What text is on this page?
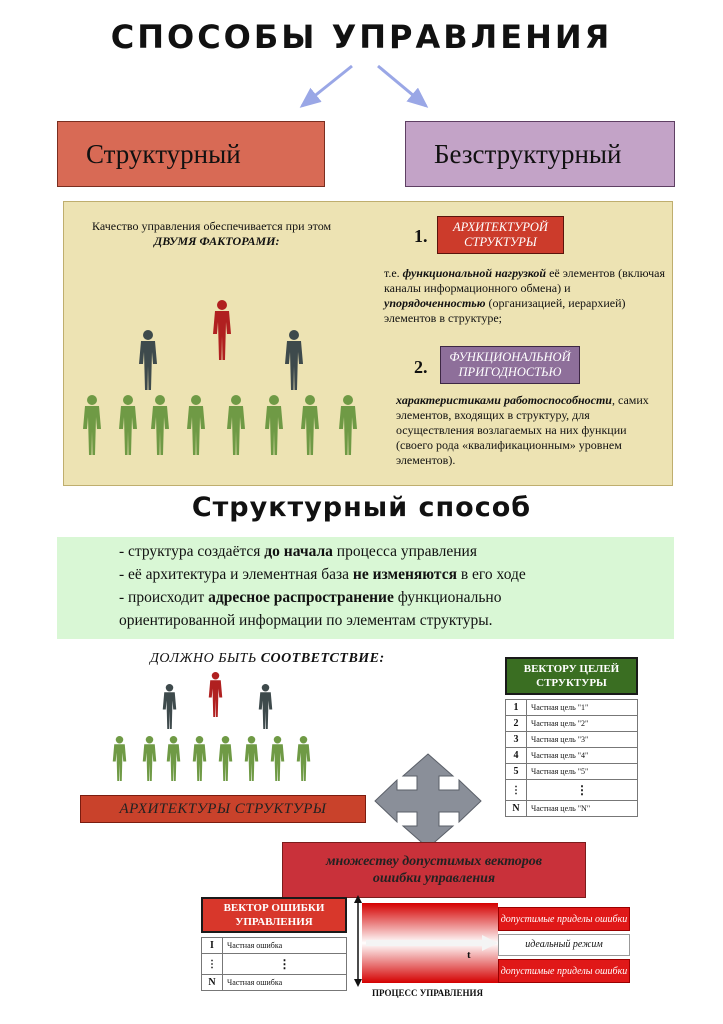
СПОСОБЫ УПРАВЛЕНИЯ
Структурный	Безструктурный
Качество управления обеспечивается при этом
ДВУМЯ ФАКТОРАМИ:	1. АРХИТЕКТУРОЙ
СТРУКТУРЫ
т.е. функциональной нагрузкой её элементов (включая каналы информационного обмена) и упорядоченностью (организацией, иерархией) элементов в структуре;
2. ФУНКЦИОНАЛЬНОЙ
ПРИГОДНОСТЬЮ
характеристиками работоспособности, самих элементов, входящих в структуру, для осуществления возлагаемых на них функции (своего рода «квалификационным» уровнем элементов).
Структурный способ

- структура создаётся до начала процесса управления

- её архитектура и элементная база не изменяются в его ходе

- происходит адресное распространение функционально

ориентированной информации по элементам структуры.

ДОЛЖНО БЫТЬ СООТВЕТСТВИЕ:
ВЕКТОРУ ЦЕЛЕЙ
СТРУКТУРЫ
1	Частная цель "1"
2	Частная цель "2"
3	Частная цель "3"
4	Частная цель "4"
5	Частная цель "5"
⋮	⋮
N	Частная цель "N"
АРХИТЕКТУРЫ СТРУКТУРЫ
множеству допустимых векторов
ошибки управления
ВЕКТОР ОШИБКИ
УПРАВЛЕНИЯ
I	Частная ошибка
⋮	⋮
N	Частная ошибка
t
ПРОЦЕСС УПРАВЛЕНИЯ
допустимые приделы ошибки
идеальный режим
допустимые приделы ошибки
